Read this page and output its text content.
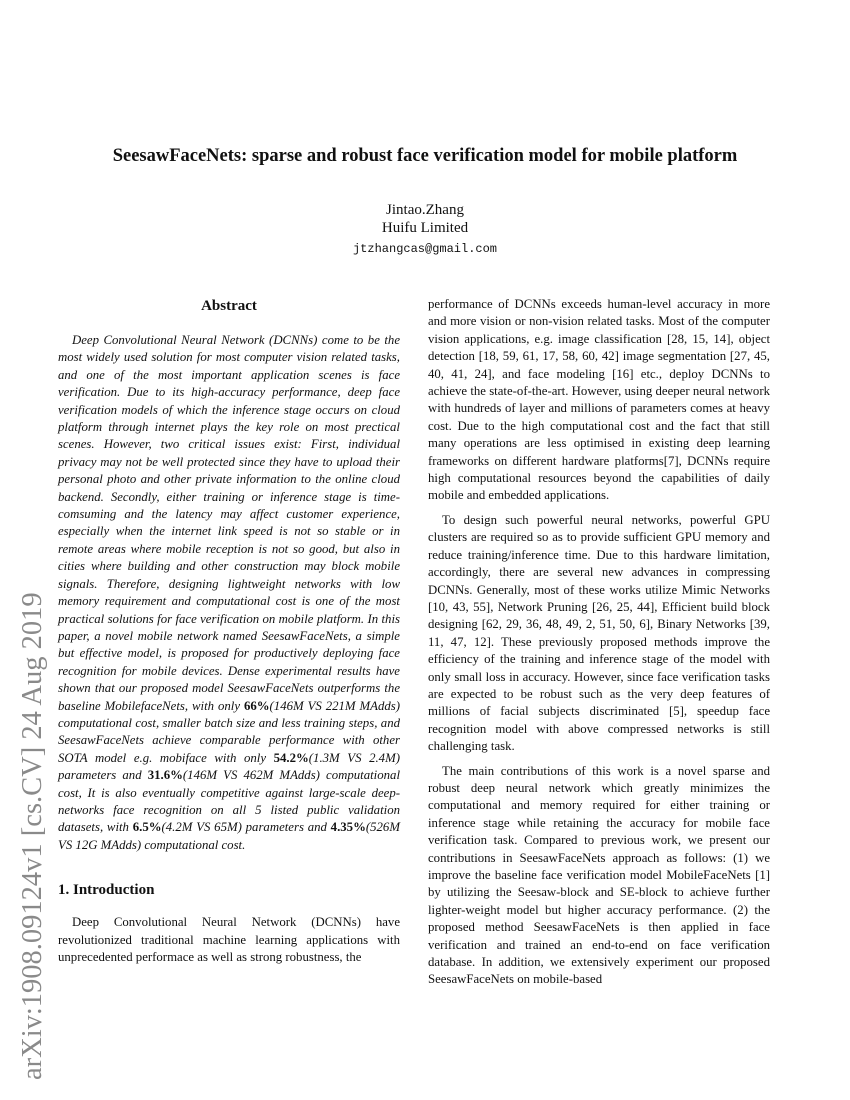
arXiv:1908.09124v1 [cs.CV] 24 Aug 2019
SeesawFaceNets: sparse and robust face verification model for mobile platform
Jintao.Zhang
Huifu Limited
jtzhangcas@gmail.com
Abstract

Deep Convolutional Neural Network (DCNNs) come to be the most widely used solution for most computer vision related tasks, and one of the most important application scenes is face verification. Due to its high-accuracy performance, deep face verification models of which the inference stage occurs on cloud platform through internet plays the key role on most prectical scenes. However, two critical issues exist: First, individual privacy may not be well protected since they have to upload their personal photo and other private information to the online cloud backend. Secondly, either training or inference stage is time-comsuming and the latency may affect customer experience, especially when the internet link speed is not so stable or in remote areas where mobile reception is not so good, but also in cities where building and other construction may block mobile signals. Therefore, designing lightweight networks with low memory requirement and computational cost is one of the most practical solutions for face verification on mobile platform. In this paper, a novel mobile network named SeesawFaceNets, a simple but effective model, is proposed for productively deploying face recognition for mobile devices. Dense experimental results have shown that our proposed model SeesawFaceNets outperforms the baseline MobilefaceNets, with only 66%(146M VS 221M MAdds) computational cost, smaller batch size and less training steps, and SeesawFaceNets achieve comparable performance with other SOTA model e.g. mobiface with only 54.2%(1.3M VS 2.4M) parameters and 31.6%(146M VS 462M MAdds) computational cost, It is also eventually competitive against large-scale deep-networks face recognition on all 5 listed public validation datasets, with 6.5%(4.2M VS 65M) parameters and 4.35%(526M VS 12G MAdds) computational cost.

1. Introduction

Deep Convolutional Neural Network (DCNNs) have revolutionized traditional machine learning applications with unprecedented performace as well as strong robustness, the

performance of DCNNs exceeds human-level accuracy in more and more vision or non-vision related tasks. Most of the computer vision applications, e.g. image classification [28, 15, 14], object detection [18, 59, 61, 17, 58, 60, 42] image segmentation [27, 45, 40, 41, 24], and face modeling [16] etc., deploy DCNNs to achieve the state-of-the-art. However, using deeper neural network with hundreds of layer and millions of parameters comes at heavy cost. Due to the high computational cost and the fact that still many operations are less optimised in existing deep learning frameworks on different hardware platforms[7], DCNNs require high computational resources beyond the capabilities of daily mobile and embedded applications.

To design such powerful neural networks, powerful GPU clusters are required so as to provide sufficient GPU memory and reduce training/inference time. Due to this hardware limitation, accordingly, there are several new advances in compressing DCNNs. Generally, most of these works utilize Mimic Networks [10, 43, 55], Network Pruning [26, 25, 44], Efficient build block designing [62, 29, 36, 48, 49, 2, 51, 50, 6], Binary Networks [39, 11, 47, 12]. These previously proposed methods improve the efficiency of the training and inference stage of the model with only small loss in accuracy. However, since face verification tasks are expected to be robust such as the very deep features of millions of facial subjects discriminated [5], speedup face recognition model with above compressed networks is still challenging task.

The main contributions of this work is a novel sparse and robust deep neural network which greatly minimizes the computational and memory required for either training or inference stage while retaining the accuracy for mobile face verification task. Compared to previous work, we present our contributions in SeesawFaceNets approach as follows: (1) we improve the baseline face verification model MobileFaceNets [1] by utilizing the Seesaw-block and SE-block to achieve further lighter-weight model but higher accuracy performance. (2) the proposed method SeesawFaceNets is then applied in face verification and trained an end-to-end on face verification database. In addition, we extensively experiment our proposed SeesawFaceNets on mobile-based
